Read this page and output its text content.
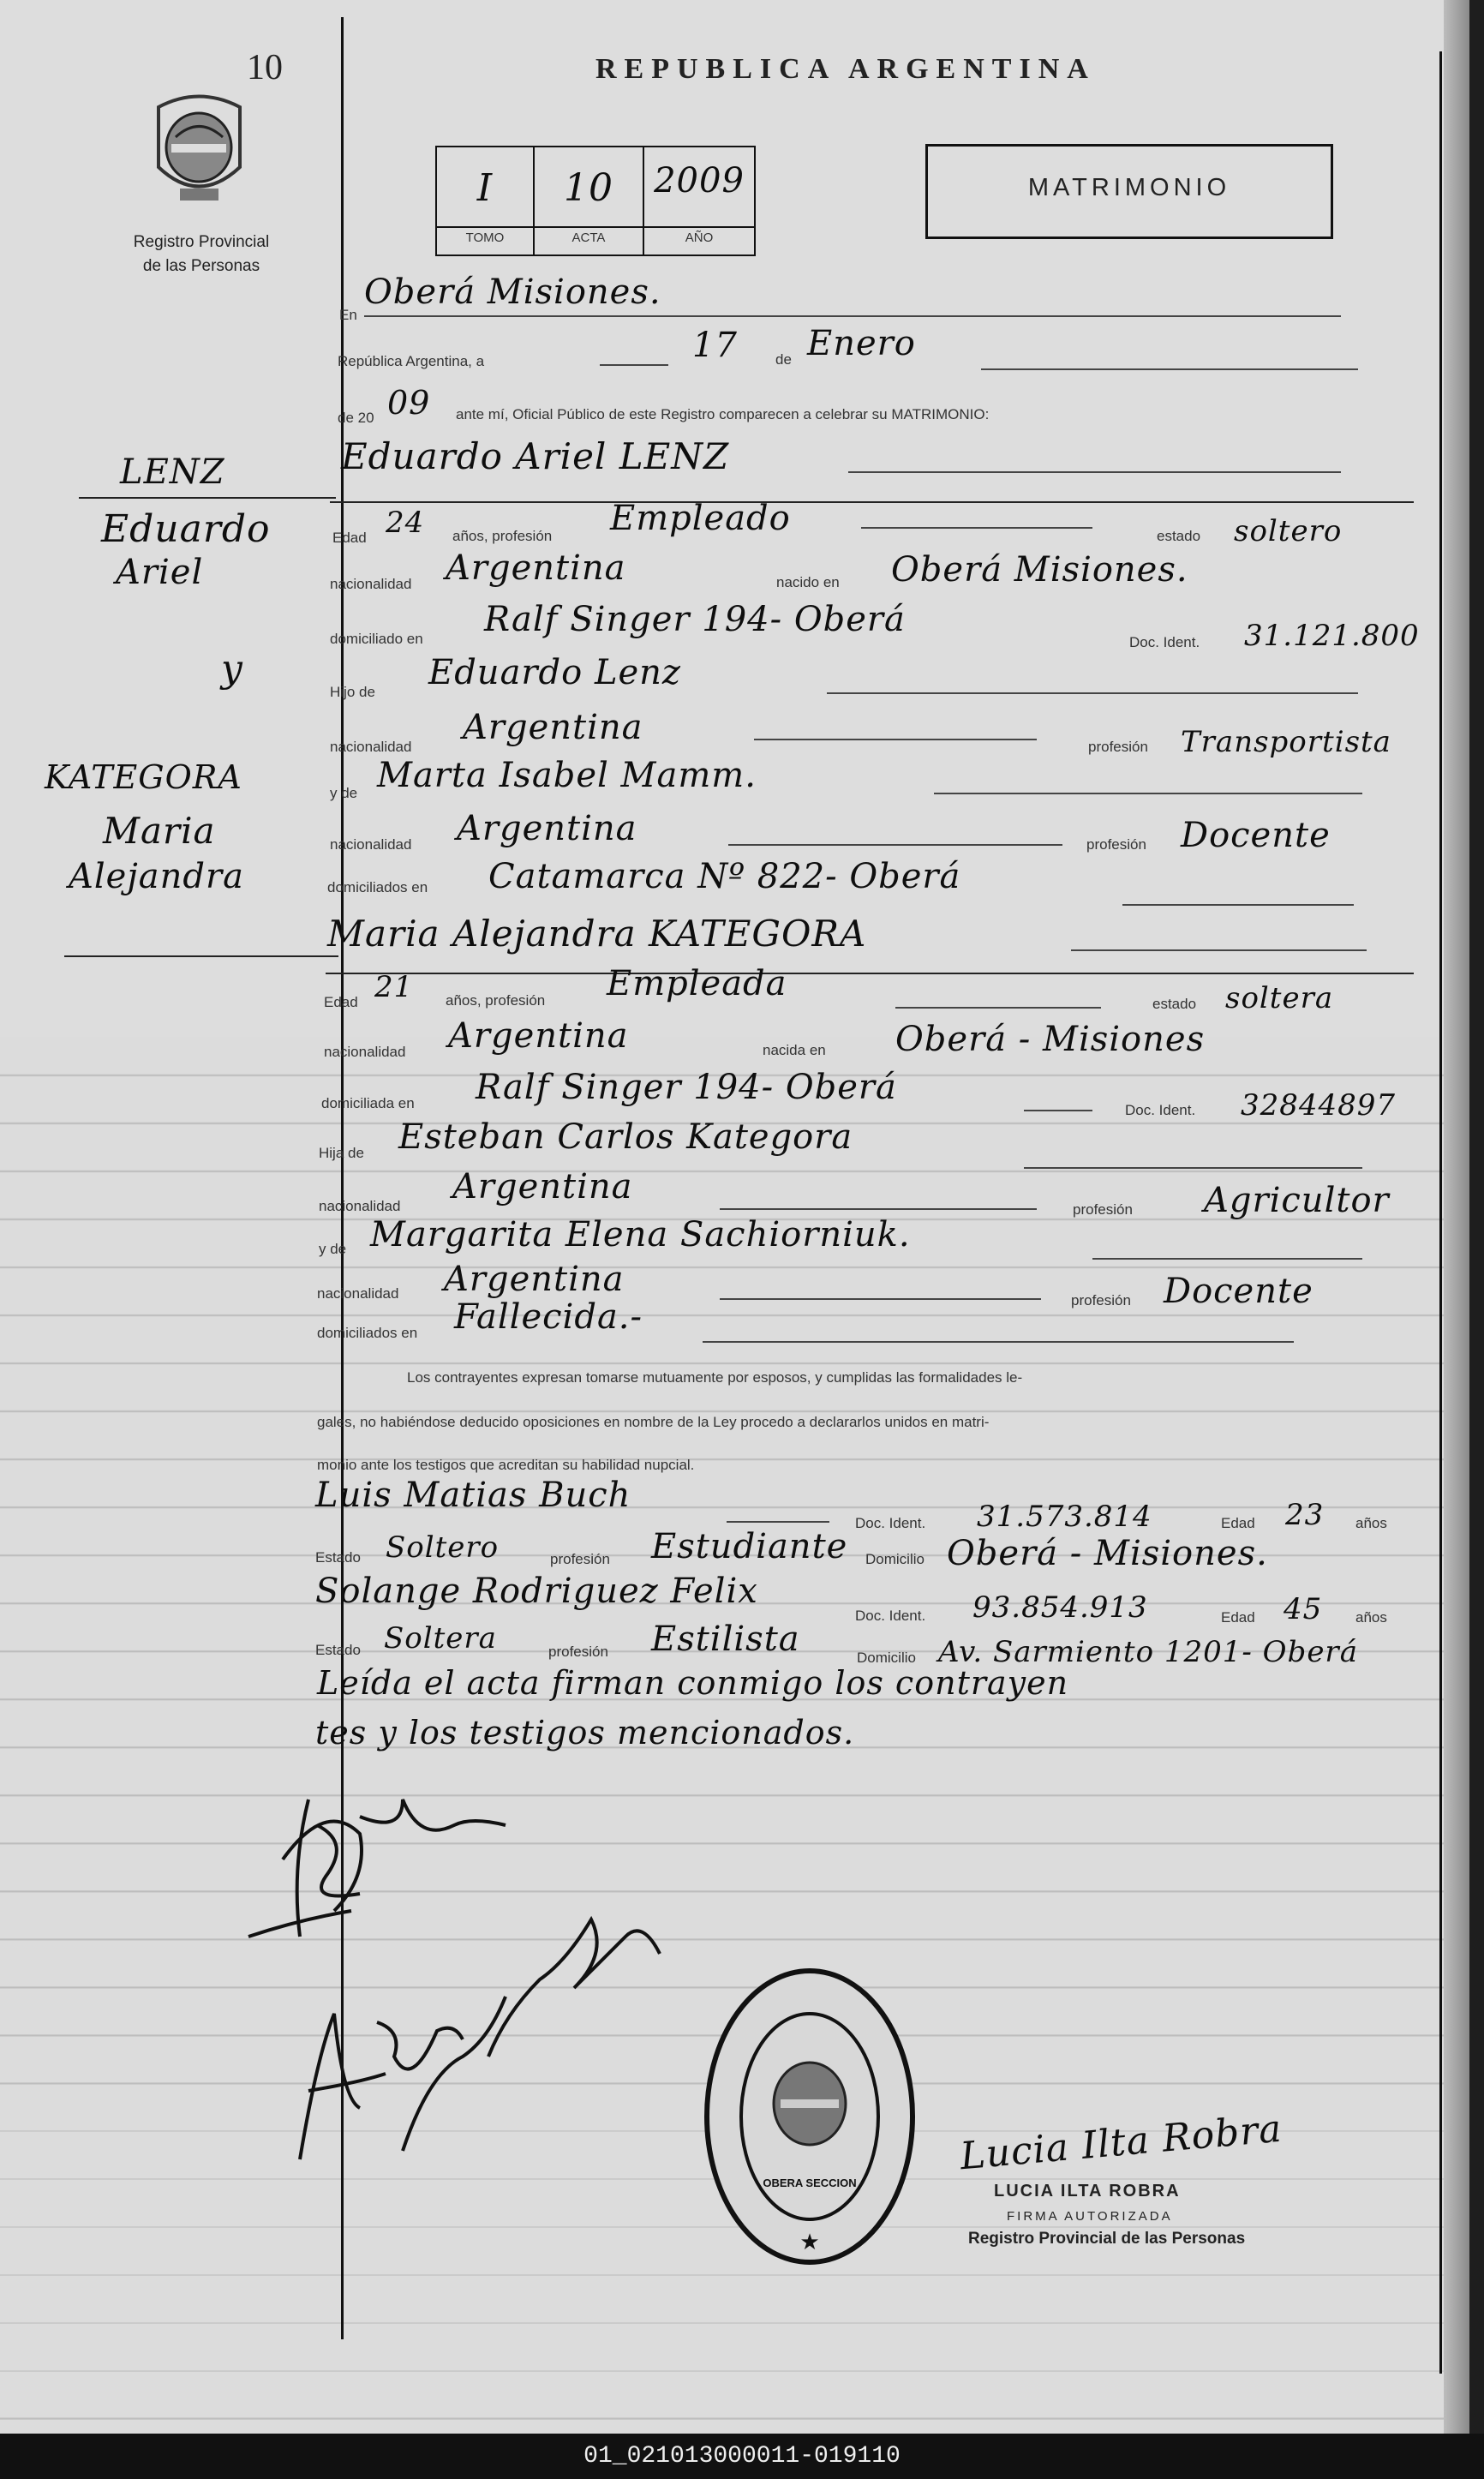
10
Registro Provincial
de las Personas
REPUBLICA ARGENTINA
I	10	2009
TOMO	ACTA	AÑO
MATRIMONIO
LENZ
Eduardo
Ariel
y
KATEGORA
Maria
Alejandra
En
Oberá Misiones.
República Argentina, a	17	de Enero
de 20 09 ante mí, Oficial Público de este Registro comparecen a celebrar su MATRIMONIO:
Eduardo Ariel LENZ
Edad 24 años, profesión Empleado	estado soltero
nacionalidad Argentina	nacido en Oberá Misiones.
domiciliado en Ralf Singer 194- Oberá
Doc. Ident. 31.121.800
Hijo de Eduardo Lenz
nacionalidad Argentina	profesión Transportista
y de Marta Isabel Mamm.
nacionalidad Argentina	profesión Docente
domiciliados en Catamarca Nº 822- Oberá
Maria Alejandra KATEGORA
Edad 21 años, profesión Empleada
estado soltera
nacionalidad Argentina	nacida en Oberá - Misiones
domiciliada en Ralf Singer 194- Oberá
Doc. Ident. 32844897
Hija de Esteban Carlos Kategora
nacionalidad Argentina
profesión Agricultor
y de Margarita Elena Sachiorniuk.
nacionalidad Argentina
profesión Docente
domiciliados en Fallecida.-
Los contrayentes expresan tomarse mutuamente por esposos, y cumplidas las formalidades le-
gales, no habiéndose deducido oposiciones en nombre de la Ley procedo a declararlos unidos en matri-
monio ante los testigos que acreditan su habilidad nupcial.
Luis Matias Buch
Doc. Ident. 31.573.814	Edad 23 años
Estado Soltero	profesión Estudiante Domicilio Oberá - Misiones.
Solange Rodriguez Felix
Doc. Ident. 93.854.913	Edad 45 años
Estado Soltera	profesión Estilista	Domicilio Av. Sarmiento 1201- Oberá
Leída el acta firman conmigo los contrayen
tes y los testigos mencionados.
★
OBERA SECCION
Lucia Ilta Robra
LUCIA ILTA ROBRA
FIRMA AUTORIZADA
Registro Provincial de las Personas
01_021013000011-019110
